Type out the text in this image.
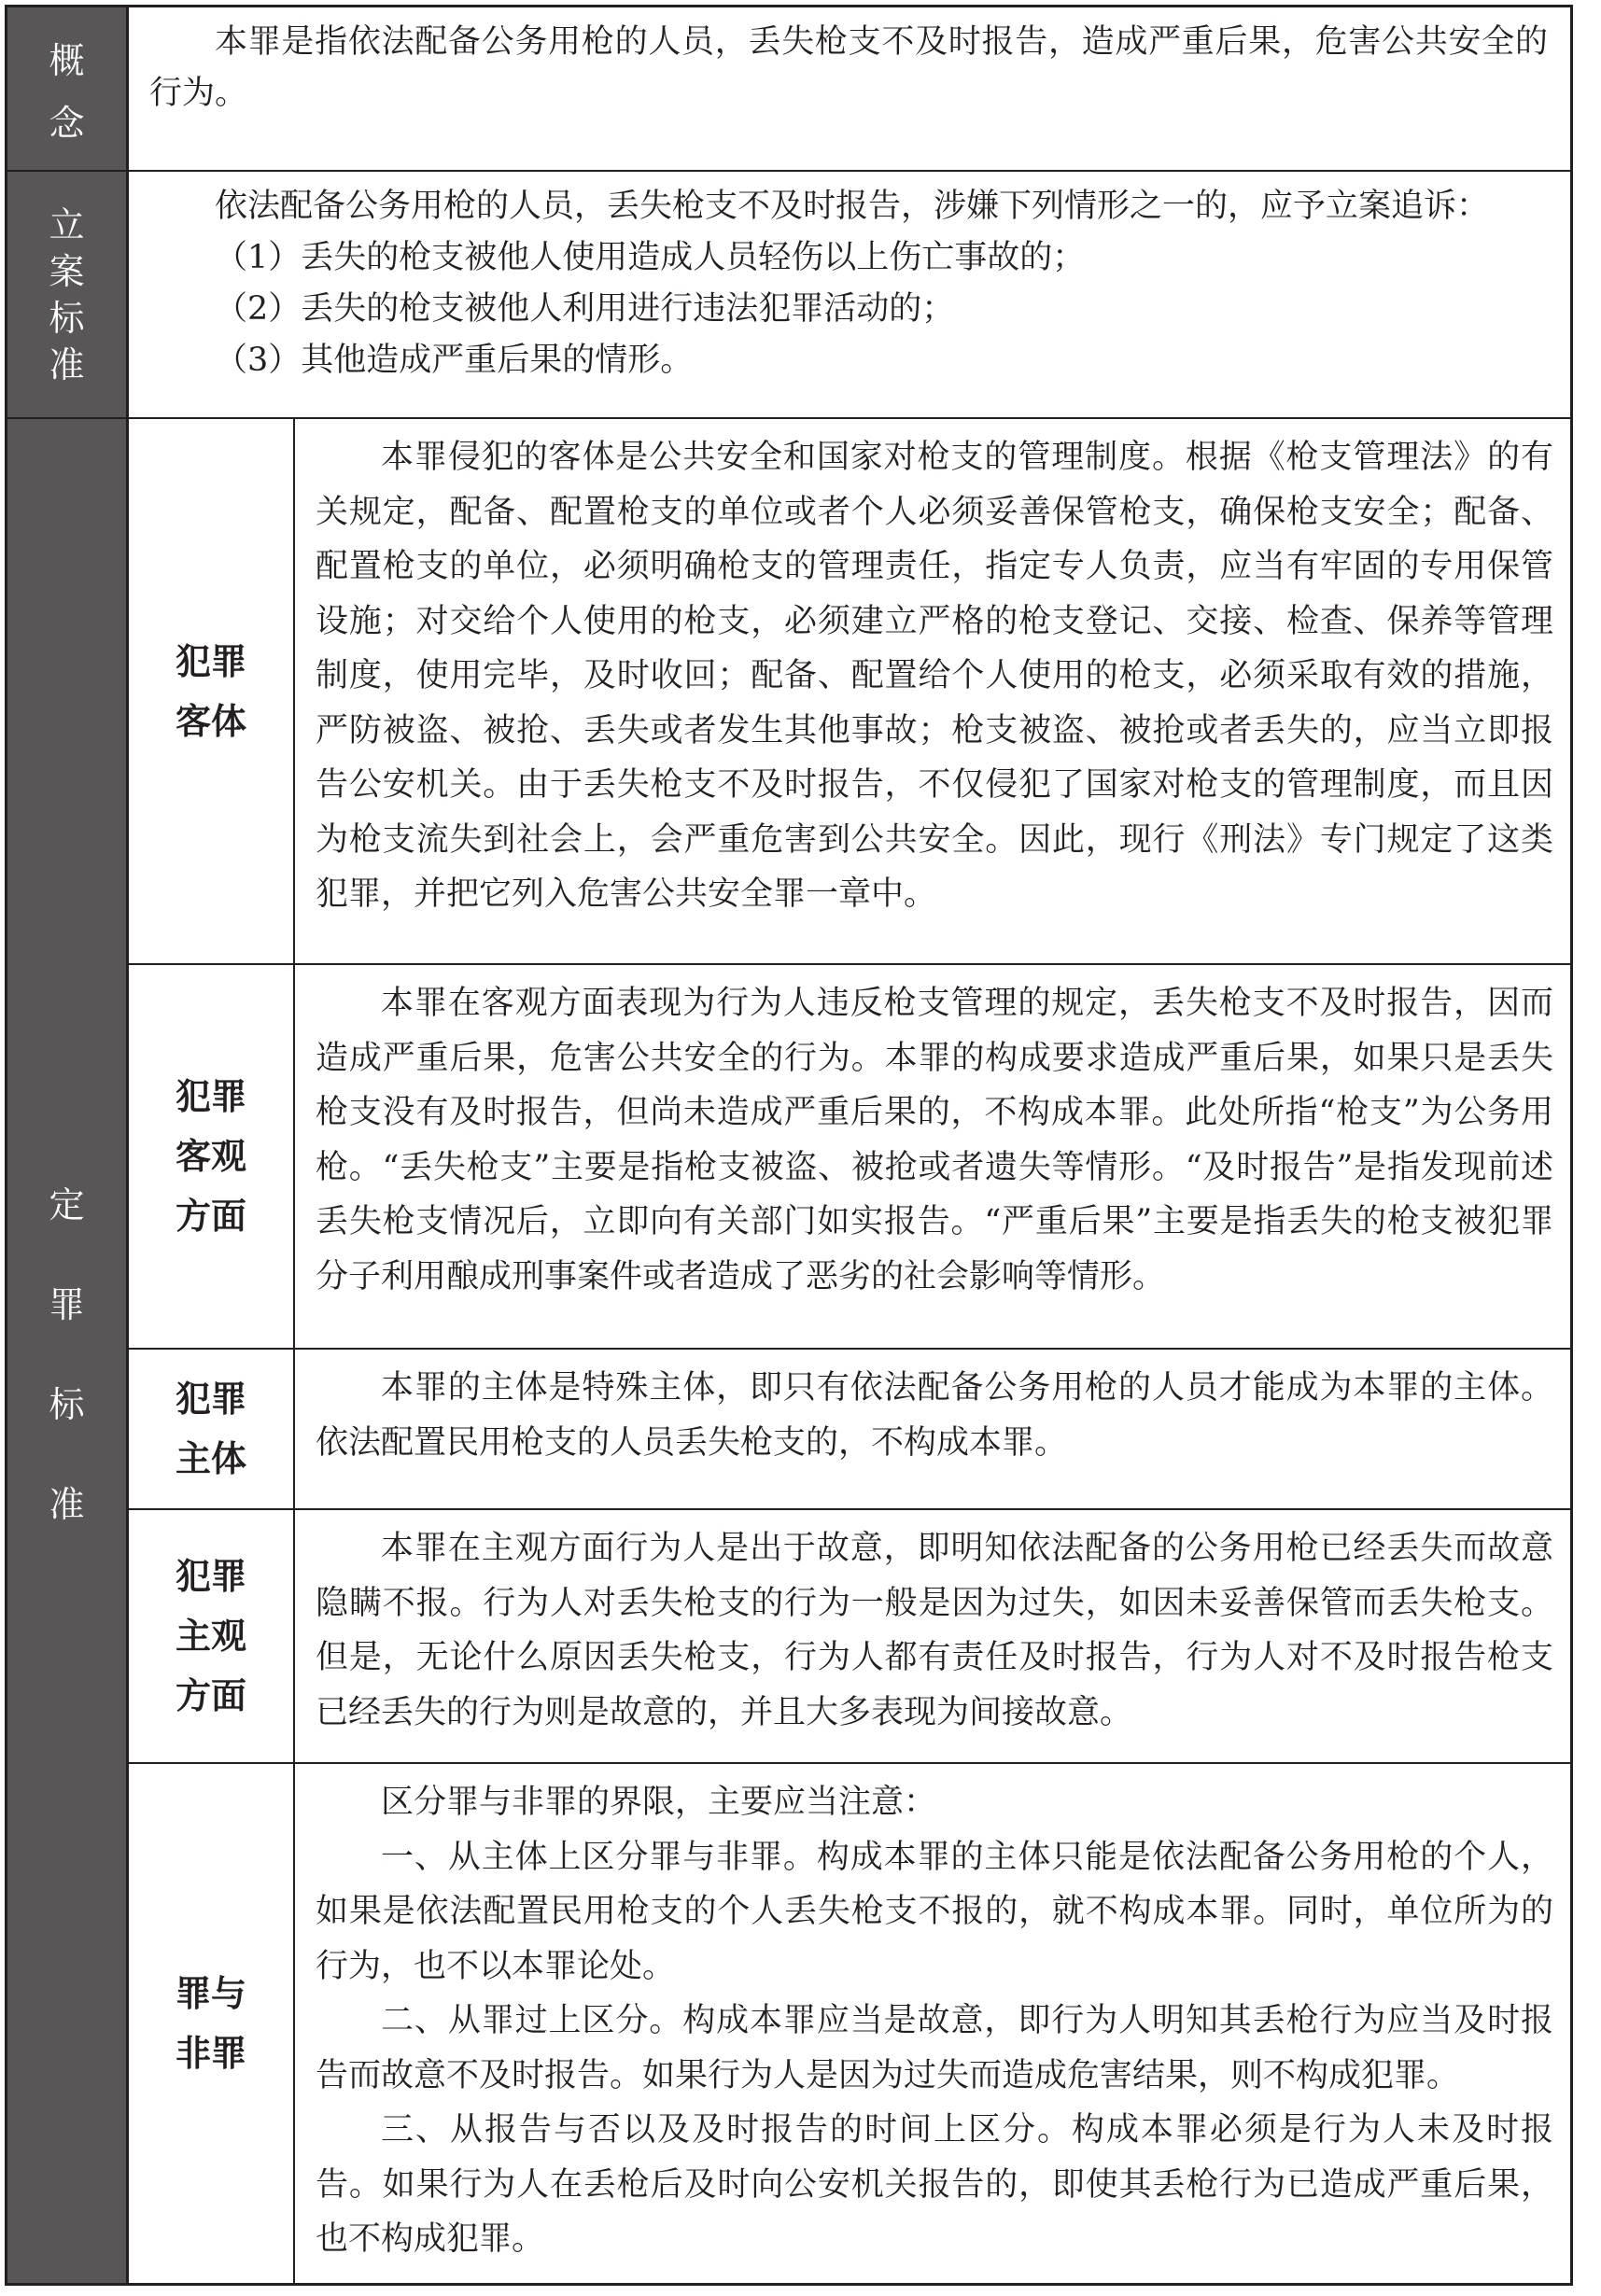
概
念

本罪是指依法配备公务用枪的人员，丢失枪支不及时报告，造成严重后果，危害公共安全的行为。

立
案
标
准

依法配备公务用枪的人员，丢失枪支不及时报告，涉嫌下列情形之一的，应予立案追诉：

（1）丢失的枪支被他人使用造成人员轻伤以上伤亡事故的；

（2）丢失的枪支被他人利用进行违法犯罪活动的；

（3）其他造成严重后果的情形。

定
罪
标
准
犯罪
客体

本罪侵犯的客体是公共安全和国家对枪支的管理制度。根据《枪支管理法》的有关规定，配备、配置枪支的单位或者个人必须妥善保管枪支，确保枪支安全；配备、配置枪支的单位，必须明确枪支的管理责任，指定专人负责，应当有牢固的专用保管设施；对交给个人使用的枪支，必须建立严格的枪支登记、交接、检查、保养等管理制度，使用完毕，及时收回；配备、配置给个人使用的枪支，必须采取有效的措施，严防被盗、被抢、丢失或者发生其他事故；枪支被盗、被抢或者丢失的，应当立即报告公安机关。由于丢失枪支不及时报告，不仅侵犯了国家对枪支的管理制度，而且因为枪支流失到社会上，会严重危害到公共安全。因此，现行《刑法》专门规定了这类犯罪，并把它列入危害公共安全罪一章中。

犯罪
客观
方面

本罪在客观方面表现为行为人违反枪支管理的规定，丢失枪支不及时报告，因而造成严重后果，危害公共安全的行为。本罪的构成要求造成严重后果，如果只是丢失枪支没有及时报告，但尚未造成严重后果的，不构成本罪。此处所指“枪支”为公务用枪。“丢失枪支”主要是指枪支被盗、被抢或者遗失等情形。“及时报告”是指发现前述丢失枪支情况后，立即向有关部门如实报告。“严重后果”主要是指丢失的枪支被犯罪分子利用酿成刑事案件或者造成了恶劣的社会影响等情形。

犯罪
主体

本罪的主体是特殊主体，即只有依法配备公务用枪的人员才能成为本罪的主体。依法配置民用枪支的人员丢失枪支的，不构成本罪。

犯罪
主观
方面

本罪在主观方面行为人是出于故意，即明知依法配备的公务用枪已经丢失而故意隐瞒不报。行为人对丢失枪支的行为一般是因为过失，如因未妥善保管而丢失枪支。但是，无论什么原因丢失枪支，行为人都有责任及时报告，行为人对不及时报告枪支已经丢失的行为则是故意的，并且大多表现为间接故意。

罪与
非罪

区分罪与非罪的界限，主要应当注意：

一、从主体上区分罪与非罪。构成本罪的主体只能是依法配备公务用枪的个人，如果是依法配置民用枪支的个人丢失枪支不报的，就不构成本罪。同时，单位所为的行为，也不以本罪论处。

二、从罪过上区分。构成本罪应当是故意，即行为人明知其丢枪行为应当及时报告而故意不及时报告。如果行为人是因为过失而造成危害结果，则不构成犯罪。

三、从报告与否以及及时报告的时间上区分。构成本罪必须是行为人未及时报告。如果行为人在丢枪后及时向公安机关报告的，即使其丢枪行为已造成严重后果，也不构成犯罪。
